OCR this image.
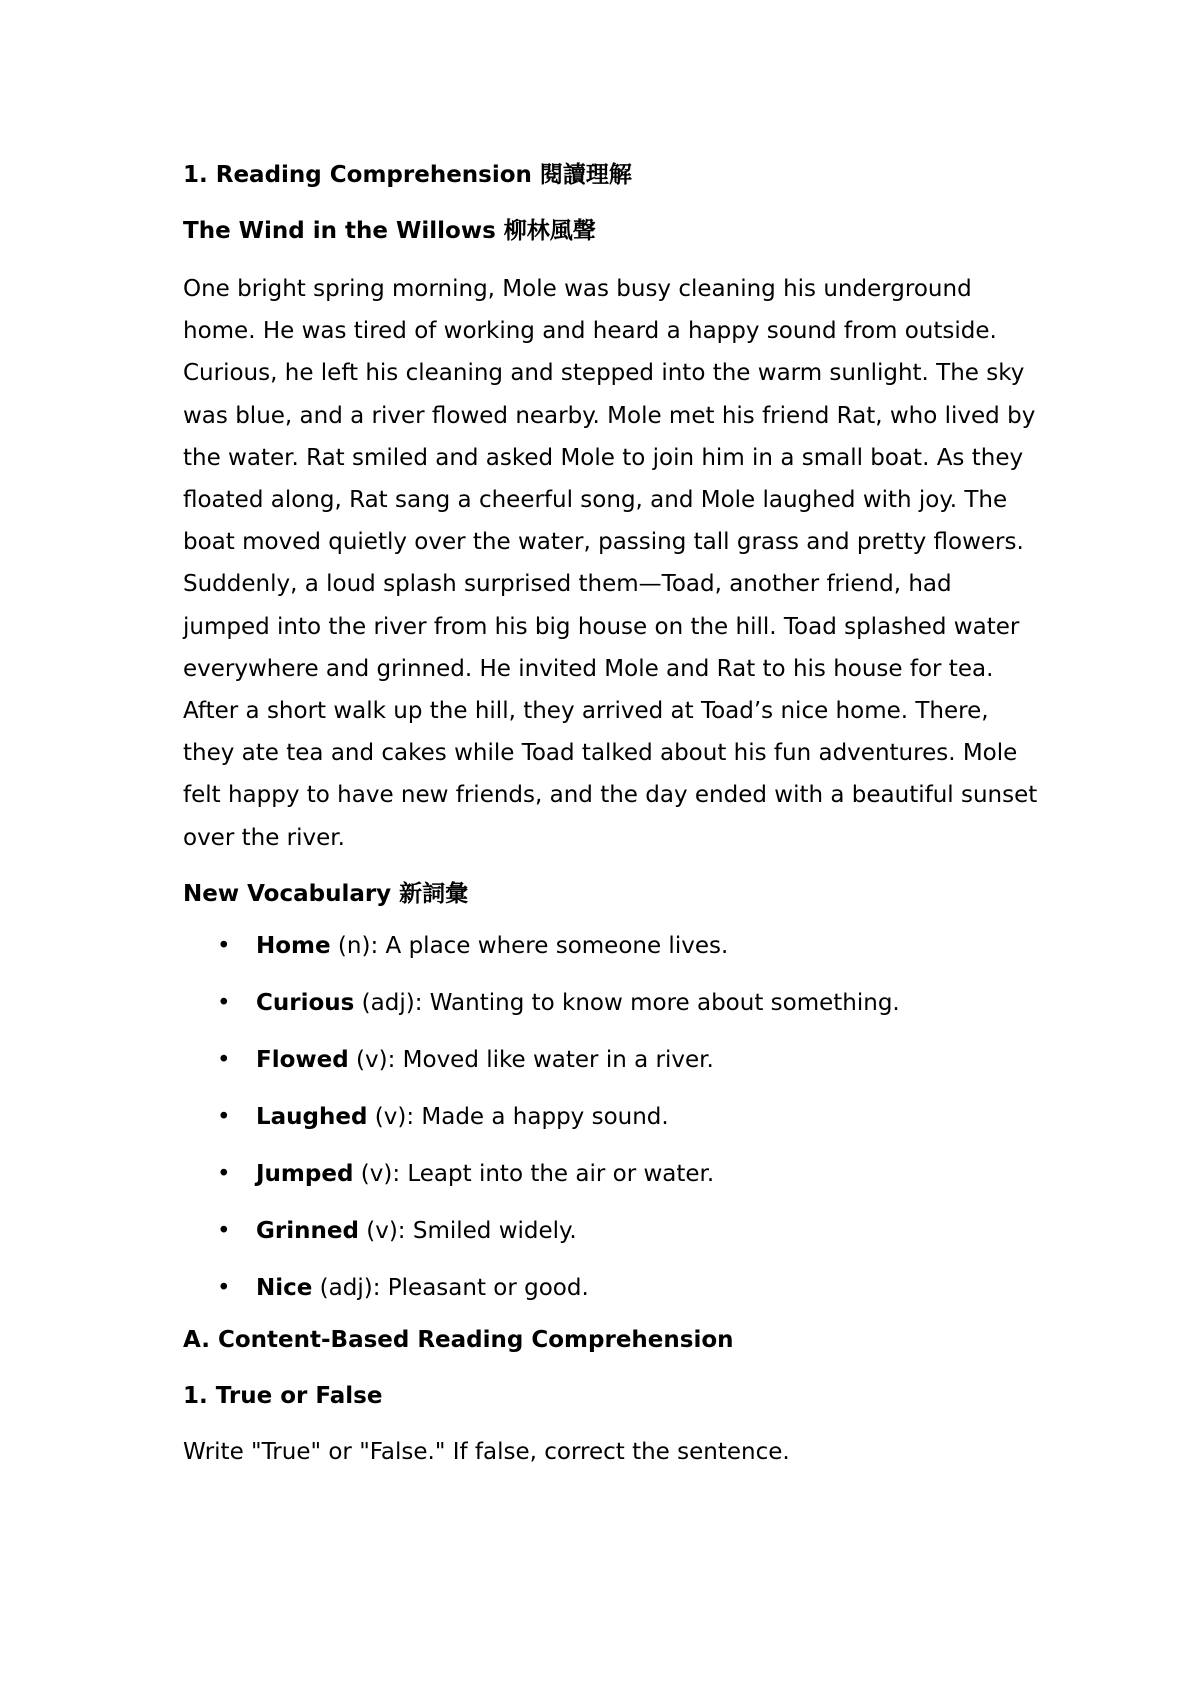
1. Reading Comprehension 閱讀理解

The Wind in the Willows 柳林風聲

One bright spring morning, Mole was busy cleaning his underground home. He was tired of working and heard a happy sound from outside. Curious, he left his cleaning and stepped into the warm sunlight. The sky was blue, and a river flowed nearby. Mole met his friend Rat, who lived by the water. Rat smiled and asked Mole to join him in a small boat. As they floated along, Rat sang a cheerful song, and Mole laughed with joy. The boat moved quietly over the water, passing tall grass and pretty flowers. Suddenly, a loud splash surprised them—Toad, another friend, had jumped into the river from his big house on the hill. Toad splashed water everywhere and grinned. He invited Mole and Rat to his house for tea. After a short walk up the hill, they arrived at Toad’s nice home. There, they ate tea and cakes while Toad talked about his fun adventures. Mole felt happy to have new friends, and the day ended with a beautiful sunset over the river.

New Vocabulary 新詞彙

• Home (n): A place where someone lives.
• Curious (adj): Wanting to know more about something.
• Flowed (v): Moved like water in a river.
• Laughed (v): Made a happy sound.
• Jumped (v): Leapt into the air or water.
• Grinned (v): Smiled widely.
• Nice (adj): Pleasant or good.

A. Content-Based Reading Comprehension

1. True or False

Write "True" or "False." If false, correct the sentence.
